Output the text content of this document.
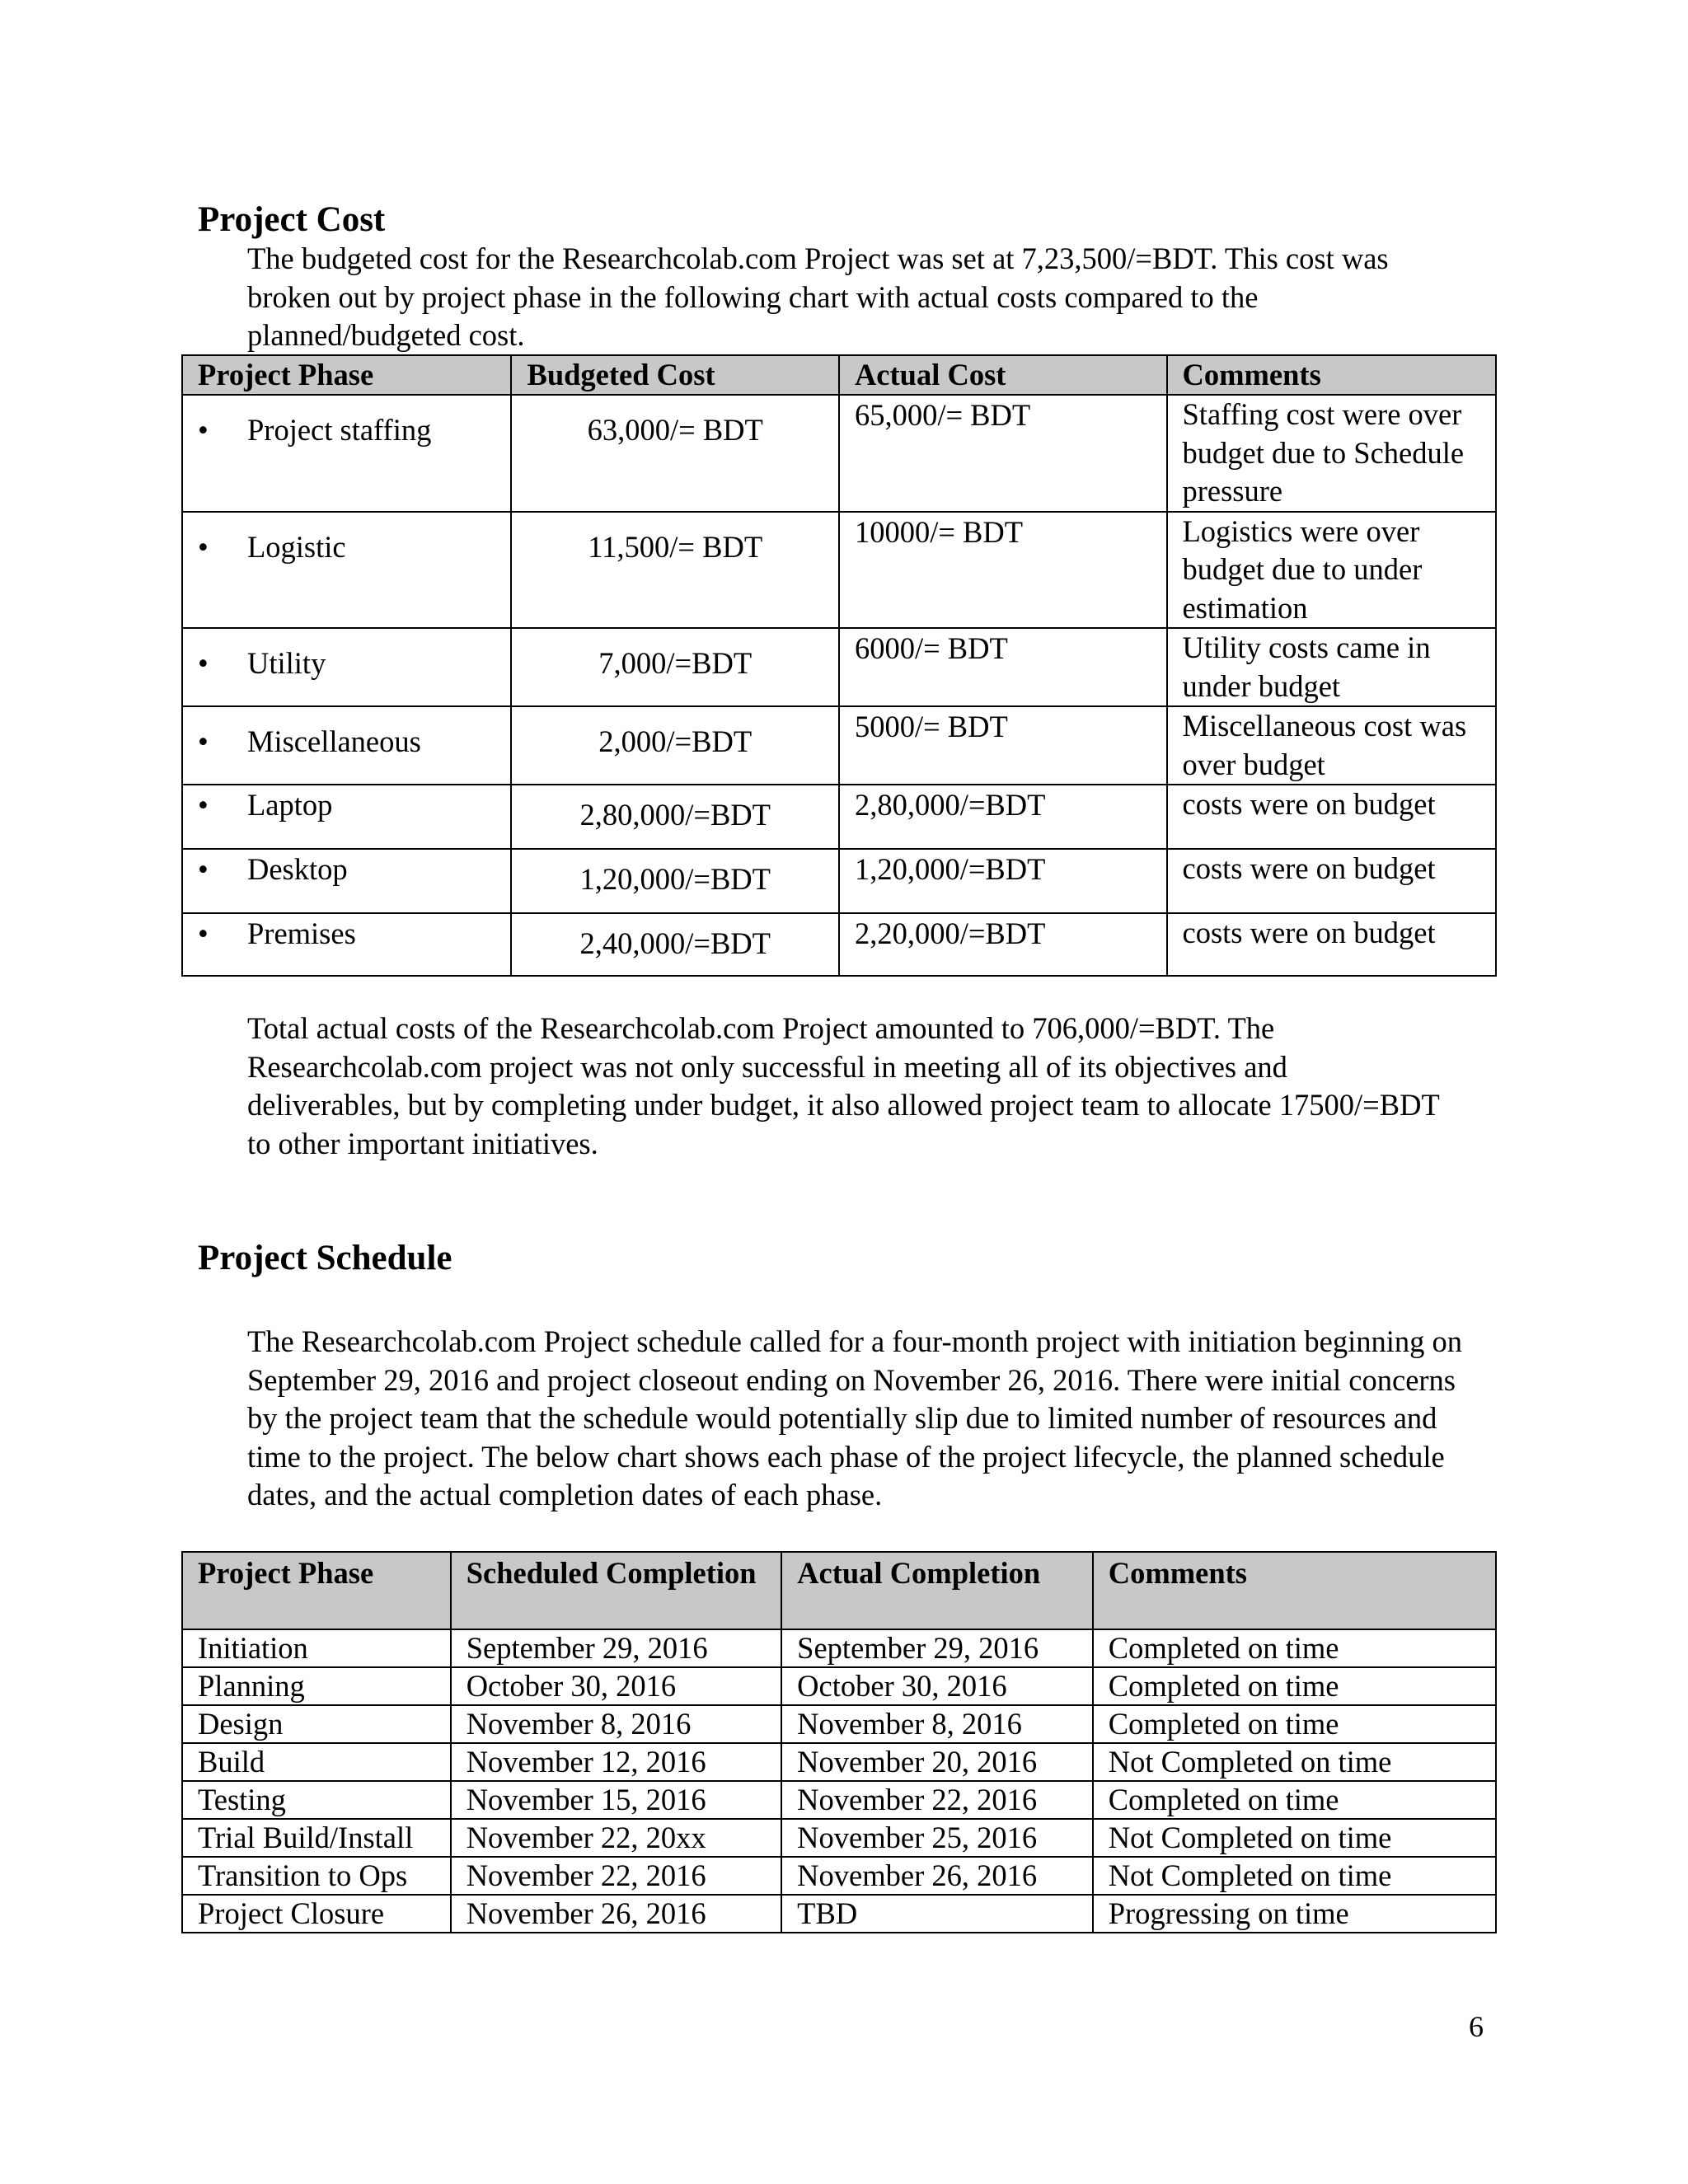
Project Cost

The budgeted cost for the Researchcolab.com Project was set at 7,23,500/=BDT. This cost was broken out by project phase in the following chart with actual costs compared to the planned/budgeted cost.

Project Phase	Budgeted Cost	Actual Cost	Comments
• Project staffing	63,000/= BDT	65,000/= BDT	Staffing cost were over budget due to Schedule pressure
• Logistic	11,500/= BDT	10000/= BDT	Logistics were over budget due to under estimation
• Utility	7,000/=BDT	6000/= BDT	Utility costs came in under budget
• Miscellaneous	2,000/=BDT	5000/= BDT	Miscellaneous cost was over budget
• Laptop	2,80,000/=BDT	2,80,000/=BDT	costs were on budget
• Desktop	1,20,000/=BDT	1,20,000/=BDT	costs were on budget
• Premises	2,40,000/=BDT	2,20,000/=BDT	costs were on budget

Total actual costs of the Researchcolab.com Project amounted to 706,000/=BDT. The Researchcolab.com project was not only successful in meeting all of its objectives and deliverables, but by completing under budget, it also allowed project team to allocate 17500/=BDT to other important initiatives.

Project Schedule

The Researchcolab.com Project schedule called for a four-month project with initiation beginning on September 29, 2016 and project closeout ending on November 26, 2016. There were initial concerns by the project team that the schedule would potentially slip due to limited number of resources and time to the project. The below chart shows each phase of the project lifecycle, the planned schedule dates, and the actual completion dates of each phase.

Project Phase	Scheduled Completion	Actual Completion	Comments
Initiation	September 29, 2016	September 29, 2016	Completed on time
Planning	October 30, 2016	October 30, 2016	Completed on time
Design	November 8, 2016	November 8, 2016	Completed on time
Build	November 12, 2016	November 20, 2016	Not Completed on time
Testing	November 15, 2016	November 22, 2016	Completed on time
Trial Build/Install	November 22, 20xx	November 25, 2016	Not Completed on time
Transition to Ops	November 22, 2016	November 26, 2016	Not Completed on time
Project Closure	November 26, 2016	TBD	Progressing on time
6
